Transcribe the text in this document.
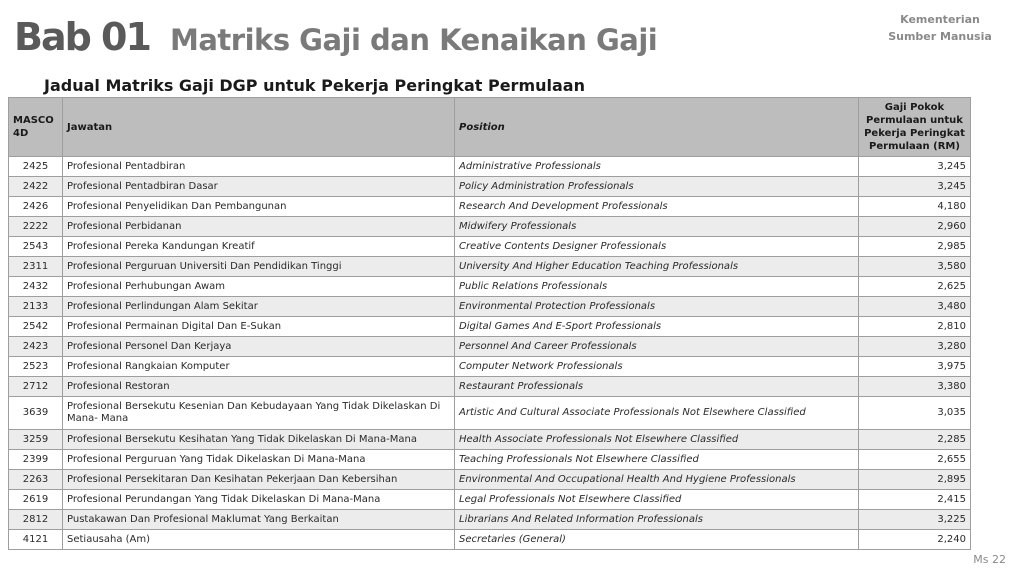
Bab 01 Matriks Gaji dan Kenaikan Gaji
Kementerian
Sumber Manusia
Jadual Matriks Gaji DGP untuk Pekerja Peringkat Permulaan
MASCO 4D	Jawatan	Position	Gaji Pokok Permulaan untuk Pekerja Peringkat Permulaan (RM)
2425	Profesional Pentadbiran	Administrative Professionals	3,245
2422	Profesional Pentadbiran Dasar	Policy Administration Professionals	3,245
2426	Profesional Penyelidikan Dan Pembangunan	Research And Development Professionals	4,180
2222	Profesional Perbidanan	Midwifery Professionals	2,960
2543	Profesional Pereka Kandungan Kreatif	Creative Contents Designer Professionals	2,985
2311	Profesional Perguruan Universiti Dan Pendidikan Tinggi	University And Higher Education Teaching Professionals	3,580
2432	Profesional Perhubungan Awam	Public Relations Professionals	2,625
2133	Profesional Perlindungan Alam Sekitar	Environmental Protection Professionals	3,480
2542	Profesional Permainan Digital Dan E-Sukan	Digital Games And E-Sport Professionals	2,810
2423	Profesional Personel Dan Kerjaya	Personnel And Career Professionals	3,280
2523	Profesional Rangkaian Komputer	Computer Network Professionals	3,975
2712	Profesional Restoran	Restaurant Professionals	3,380
3639	Profesional Bersekutu Kesenian Dan Kebudayaan Yang Tidak Dikelaskan Di Mana- Mana	Artistic And Cultural Associate Professionals Not Elsewhere Classified	3,035
3259	Profesional Bersekutu Kesihatan Yang Tidak Dikelaskan Di Mana-Mana	Health Associate Professionals Not Elsewhere Classified	2,285
2399	Profesional Perguruan Yang Tidak Dikelaskan Di Mana-Mana	Teaching Professionals Not Elsewhere Classified	2,655
2263	Profesional Persekitaran Dan Kesihatan Pekerjaan Dan Kebersihan	Environmental And Occupational Health And Hygiene Professionals	2,895
2619	Profesional Perundangan Yang Tidak Dikelaskan Di Mana-Mana	Legal Professionals Not Elsewhere Classified	2,415
2812	Pustakawan Dan Profesional Maklumat Yang Berkaitan	Librarians And Related Information Professionals	3,225
4121	Setiausaha (Am)	Secretaries (General)	2,240
Ms 22
